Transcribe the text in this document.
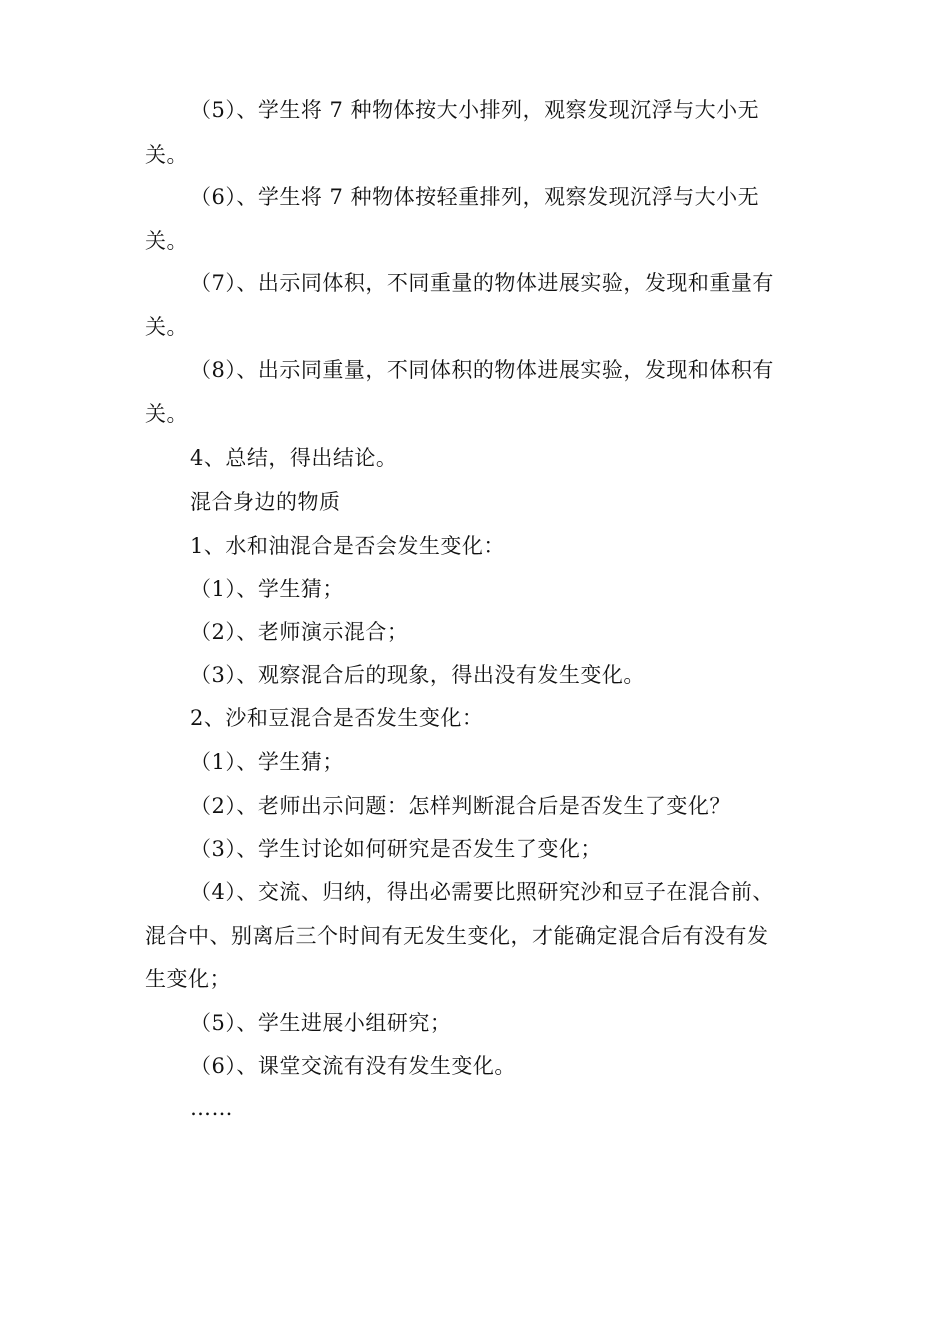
（5）、学生将 7 种物体按大小排列，观察发现沉浮与大小无
关。
（6）、学生将 7 种物体按轻重排列，观察发现沉浮与大小无
关。
（7）、出示同体积，不同重量的物体进展实验，发现和重量有
关。
（8）、出示同重量，不同体积的物体进展实验，发现和体积有
关。
4、总结，得出结论。
混合身边的物质
1、水和油混合是否会发生变化：
（1）、学生猜；
（2）、老师演示混合；
（3）、观察混合后的现象，得出没有发生变化。
2、沙和豆混合是否发生变化：
（1）、学生猜；
（2）、老师出示问题：怎样判断混合后是否发生了变化？
（3）、学生讨论如何研究是否发生了变化；
（4）、交流、归纳，得出必需要比照研究沙和豆子在混合前、
混合中、别离后三个时间有无发生变化，才能确定混合后有没有发
生变化；
（5）、学生进展小组研究；
（6）、课堂交流有没有发生变化。
……
